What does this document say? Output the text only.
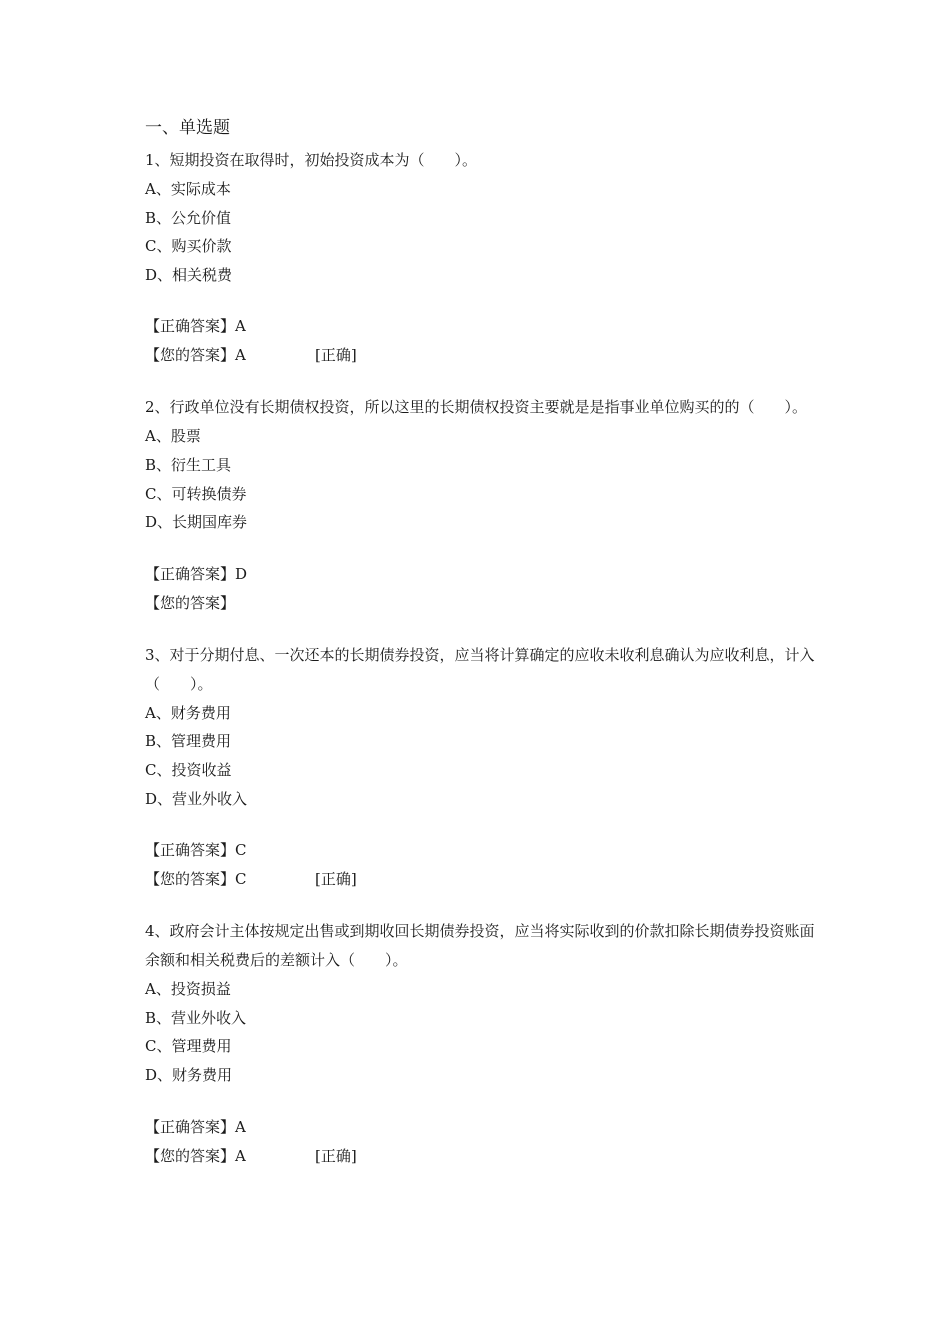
一、单选题

1、短期投资在取得时，初始投资成本为（　　）。

A、实际成本
B、公允价值
C、购买价款
D、相关税费
【正确答案】 A
【您的答案】 A	[正确]

2、行政单位没有长期债权投资，所以这里的长期债权投资主要就是是指事业单位购买的的（　　）。

A、股票
B、衍生工具
C、可转换债券
D、长期国库券
【正确答案】 D
【您的答案】

3、对于分期付息、一次还本的长期债券投资，应当将计算确定的应收未收利息确认为应收利息，计入（　　）。

A、财务费用
B、管理费用
C、投资收益
D、营业外收入
【正确答案】 C
【您的答案】 C	[正确]

4、政府会计主体按规定出售或到期收回长期债券投资，应当将实际收到的价款扣除长期债券投资账面余额和相关税费后的差额计入（　　）。

A、投资损益
B、营业外收入
C、管理费用
D、财务费用
【正确答案】 A
【您的答案】 A	[正确]
